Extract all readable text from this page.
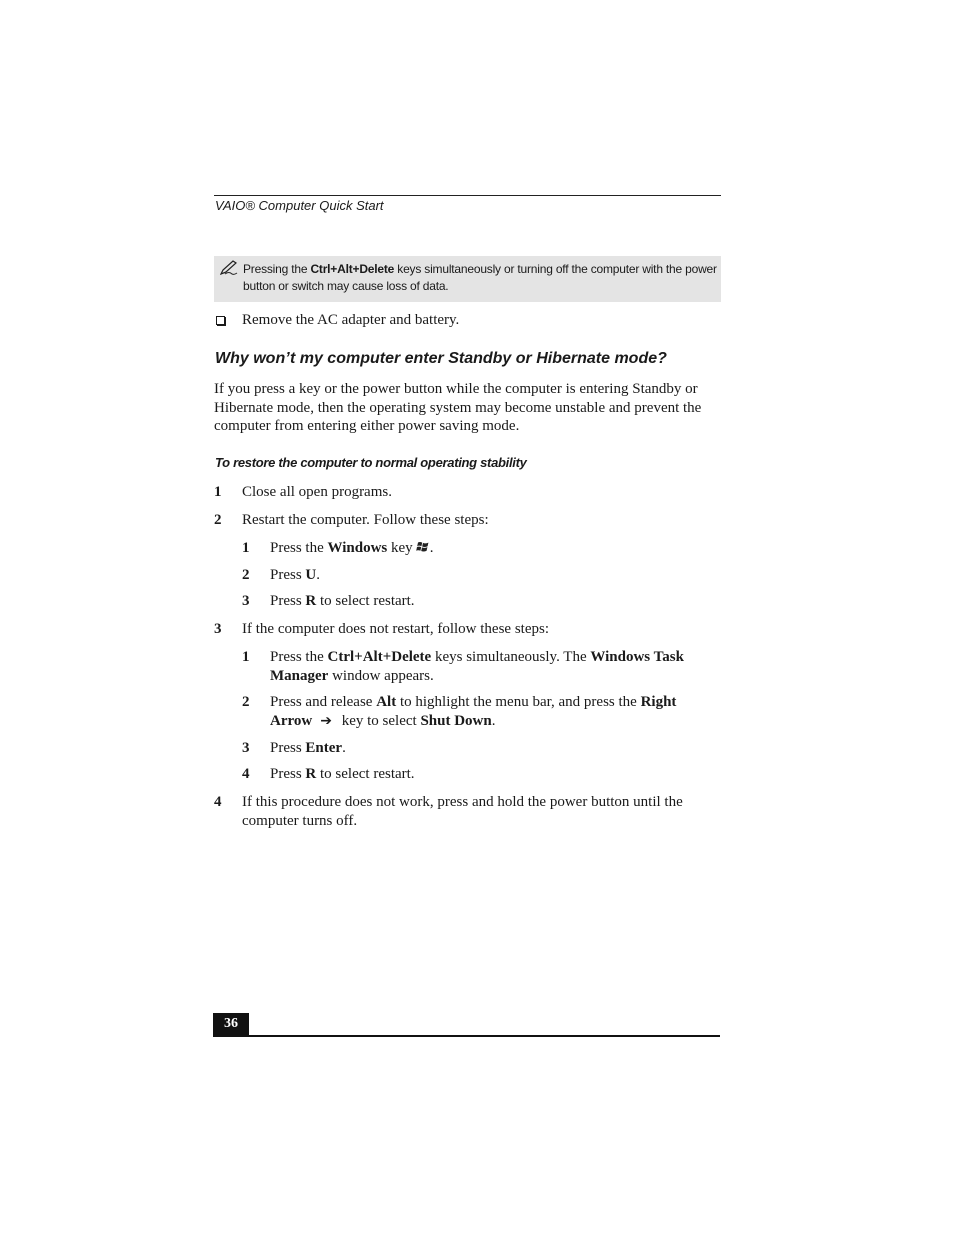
VAIO® Computer Quick Start
Pressing the Ctrl+Alt+Delete keys simultaneously or turning off the computer with the power button or switch may cause loss of data.
Remove the AC adapter and battery.
Why won’t my computer enter Standby or Hibernate mode?
If you press a key or the power button while the computer is entering Standby or Hibernate mode, then the operating system may become unstable and prevent the computer from entering either power saving mode.
To restore the computer to normal operating stability
1 Close all open programs.
2 Restart the computer. Follow these steps:
1 Press the Windows key .
2 Press U.
3 Press R to select restart.
3 If the computer does not restart, follow these steps:
1 Press the Ctrl+Alt+Delete keys simultaneously. The Windows Task Manager window appears.
2 Press and release Alt to highlight the menu bar, and press the Right Arrow ➔ key to select Shut Down.
3 Press Enter.
4 Press R to select restart.
4 If this procedure does not work, press and hold the power button until the computer turns off.
36
